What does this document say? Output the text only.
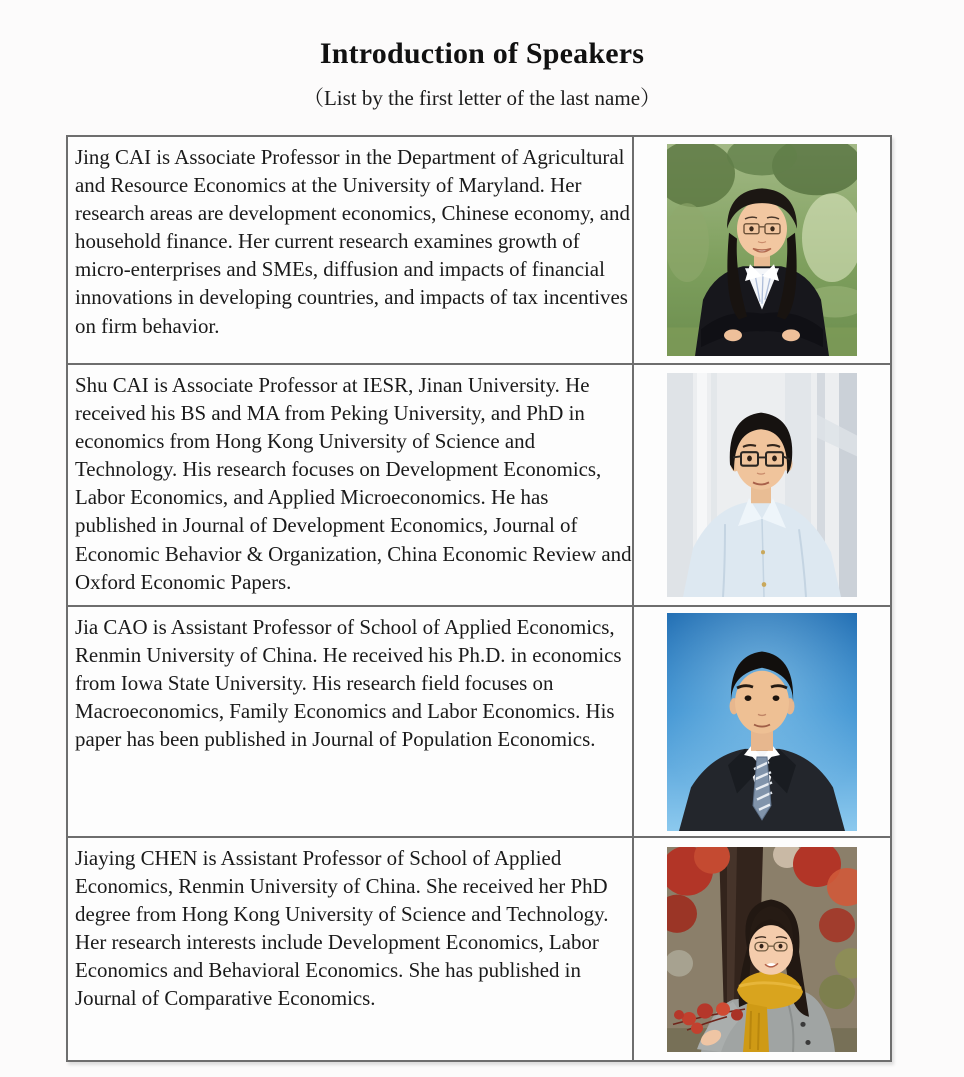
Introduction of Speakers
（List by the first letter of the last name）

Jing CAI is Associate Professor in the Department of Agricultural and Resource Economics at the University of Maryland. Her research areas are development economics, Chinese economy, and household finance. Her current research examines growth of micro-enterprises and SMEs, diffusion and impacts of financial innovations in developing countries, and impacts of tax incentives on firm behavior.

Shu CAI is Associate Professor at IESR, Jinan University. He received his BS and MA from Peking University, and PhD in economics from Hong Kong University of Science and Technology. His research focuses on Development Economics, Labor Economics, and Applied Microeconomics. He has published in Journal of Development Economics, Journal of Economic Behavior & Organization, China Economic Review and Oxford Economic Papers.

Jia CAO is Assistant Professor of School of Applied Economics, Renmin University of China. He received his Ph.D. in economics from Iowa State University. His research field focuses on Macroeconomics, Family Economics and Labor Economics. His paper has been published in Journal of Population Economics.

Jiaying CHEN is Assistant Professor of School of Applied Economics, Renmin University of China. She received her PhD degree from Hong Kong University of Science and Technology. Her research interests include Development Economics, Labor Economics and Behavioral Economics. She has published in Journal of Comparative Economics.
